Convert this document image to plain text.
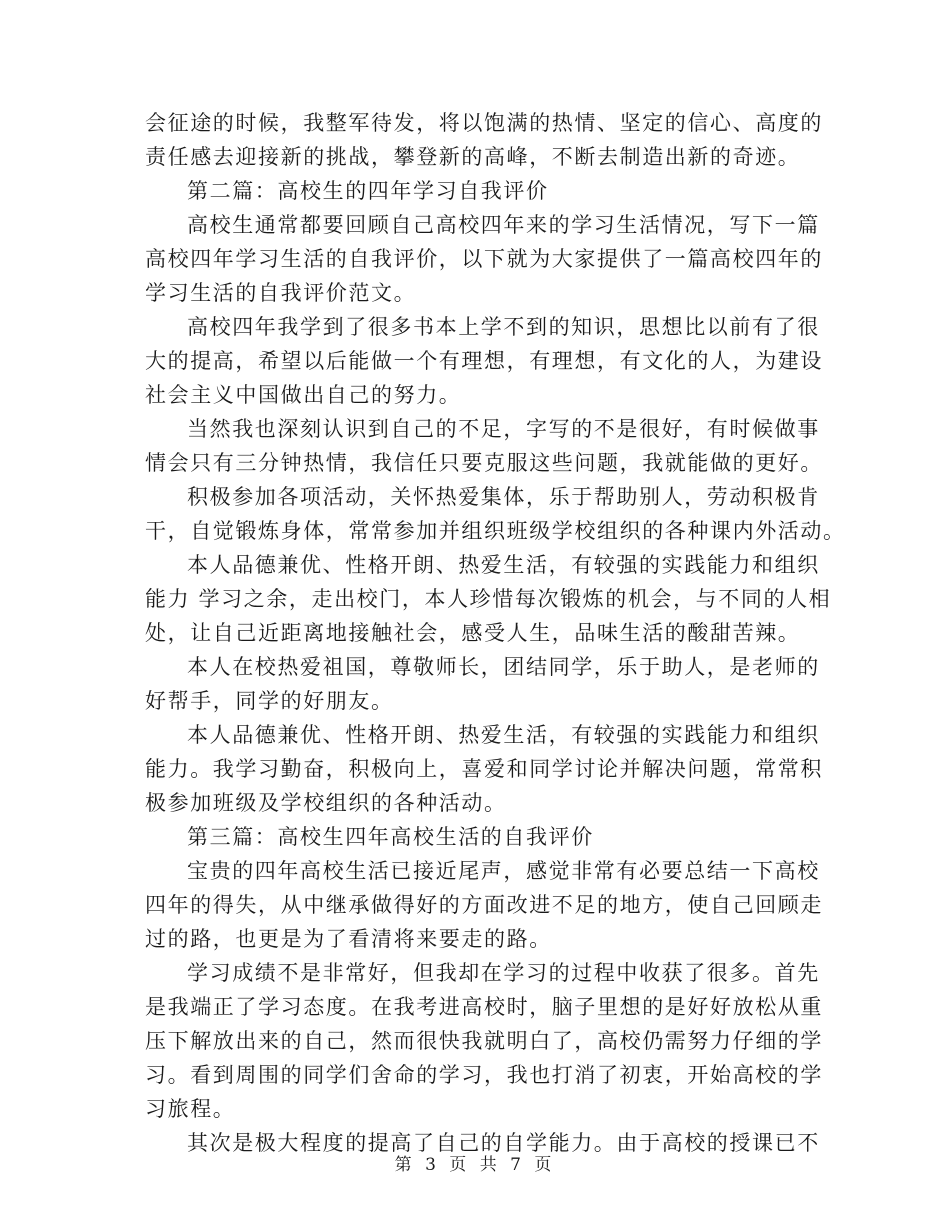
会征途的时候，我整军待发，将以饱满的热情、坚定的信心、高度的
责任感去迎接新的挑战，攀登新的高峰，不断去制造出新的奇迹。
第二篇：高校生的四年学习自我评价
高校生通常都要回顾自己高校四年来的学习生活情况，写下一篇
高校四年学习生活的自我评价，以下就为大家提供了一篇高校四年的
学习生活的自我评价范文。
高校四年我学到了很多书本上学不到的知识，思想比以前有了很
大的提高，希望以后能做一个有理想，有理想，有文化的人，为建设
社会主义中国做出自己的努力。
当然我也深刻认识到自己的不足，字写的不是很好，有时候做事
情会只有三分钟热情，我信任只要克服这些问题，我就能做的更好。
积极参加各项活动，关怀热爱集体，乐于帮助别人，劳动积极肯
干，自觉锻炼身体，常常参加并组织班级学校组织的各种课内外活动。
本人品德兼优、性格开朗、热爱生活，有较强的实践能力和组织
能力 学习之余，走出校门，本人珍惜每次锻炼的机会，与不同的人相
处，让自己近距离地接触社会，感受人生，品味生活的酸甜苦辣。
本人在校热爱祖国，尊敬师长，团结同学，乐于助人，是老师的
好帮手，同学的好朋友。
本人品德兼优、性格开朗、热爱生活，有较强的实践能力和组织
能力。我学习勤奋，积极向上，喜爱和同学讨论并解决问题，常常积
极参加班级及学校组织的各种活动。
第三篇：高校生四年高校生活的自我评价
宝贵的四年高校生活已接近尾声，感觉非常有必要总结一下高校
四年的得失，从中继承做得好的方面改进不足的地方，使自己回顾走
过的路，也更是为了看清将来要走的路。
学习成绩不是非常好，但我却在学习的过程中收获了很多。首先
是我端正了学习态度。在我考进高校时，脑子里想的是好好放松从重
压下解放出来的自己，然而很快我就明白了，高校仍需努力仔细的学
习。看到周围的同学们舍命的学习，我也打消了初衷，开始高校的学
习旅程。
其次是极大程度的提高了自己的自学能力。由于高校的授课已不
第 3 页 共 7 页
